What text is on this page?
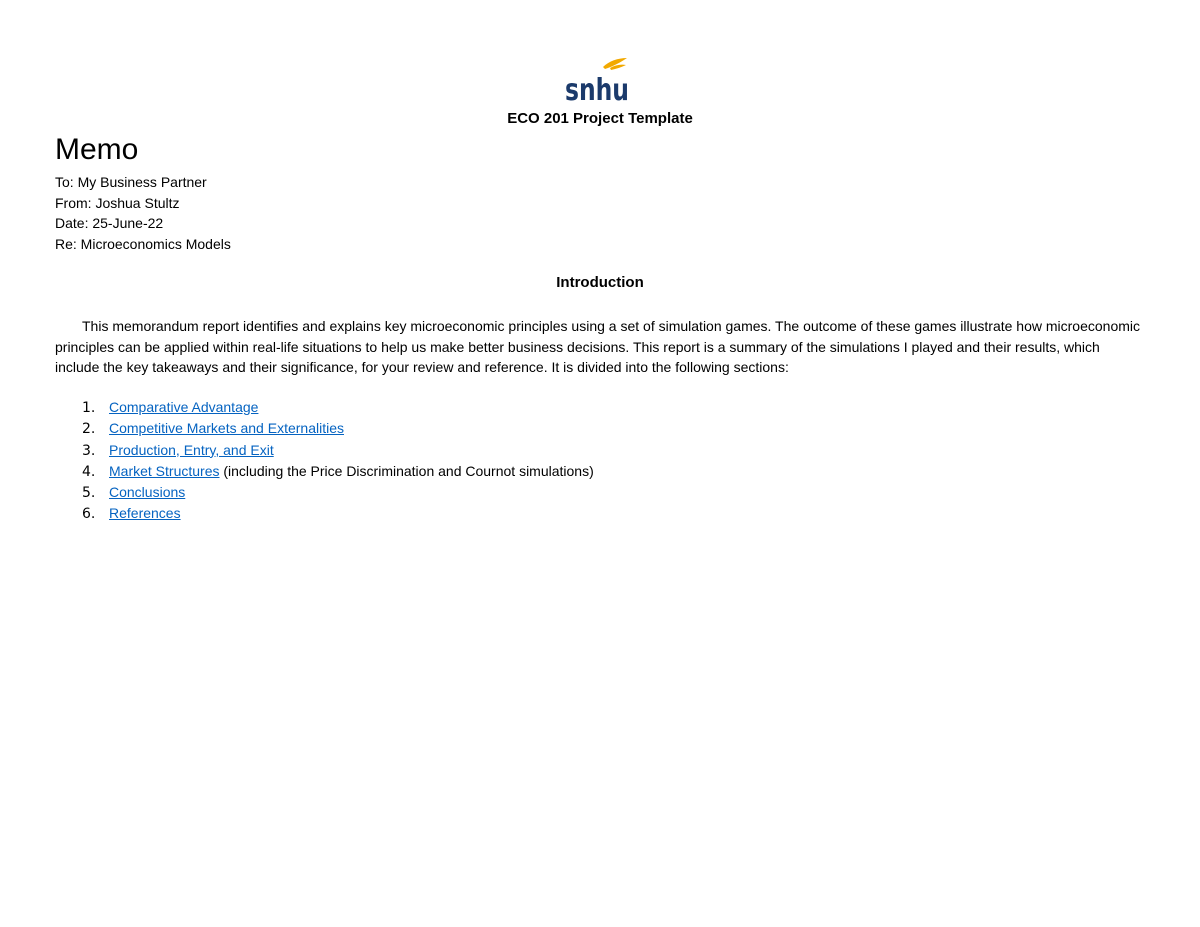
snhu
ECO 201 Project Template
Memo
To: My Business Partner
From: Joshua Stultz
Date: 25-June-22
Re: Microeconomics Models
Introduction

This memorandum report identifies and explains key microeconomic principles using a set of simulation games. The outcome of these games illustrate how microeconomic principles can be applied within real-life situations to help us make better business decisions. This report is a summary of the simulations I played and their results, which include the key takeaways and their significance, for your review and reference. It is divided into the following sections:

1. Comparative Advantage
2. Competitive Markets and Externalities
3. Production, Entry, and Exit
4. Market Structures (including the Price Discrimination and Cournot simulations)
5. Conclusions
6. References
